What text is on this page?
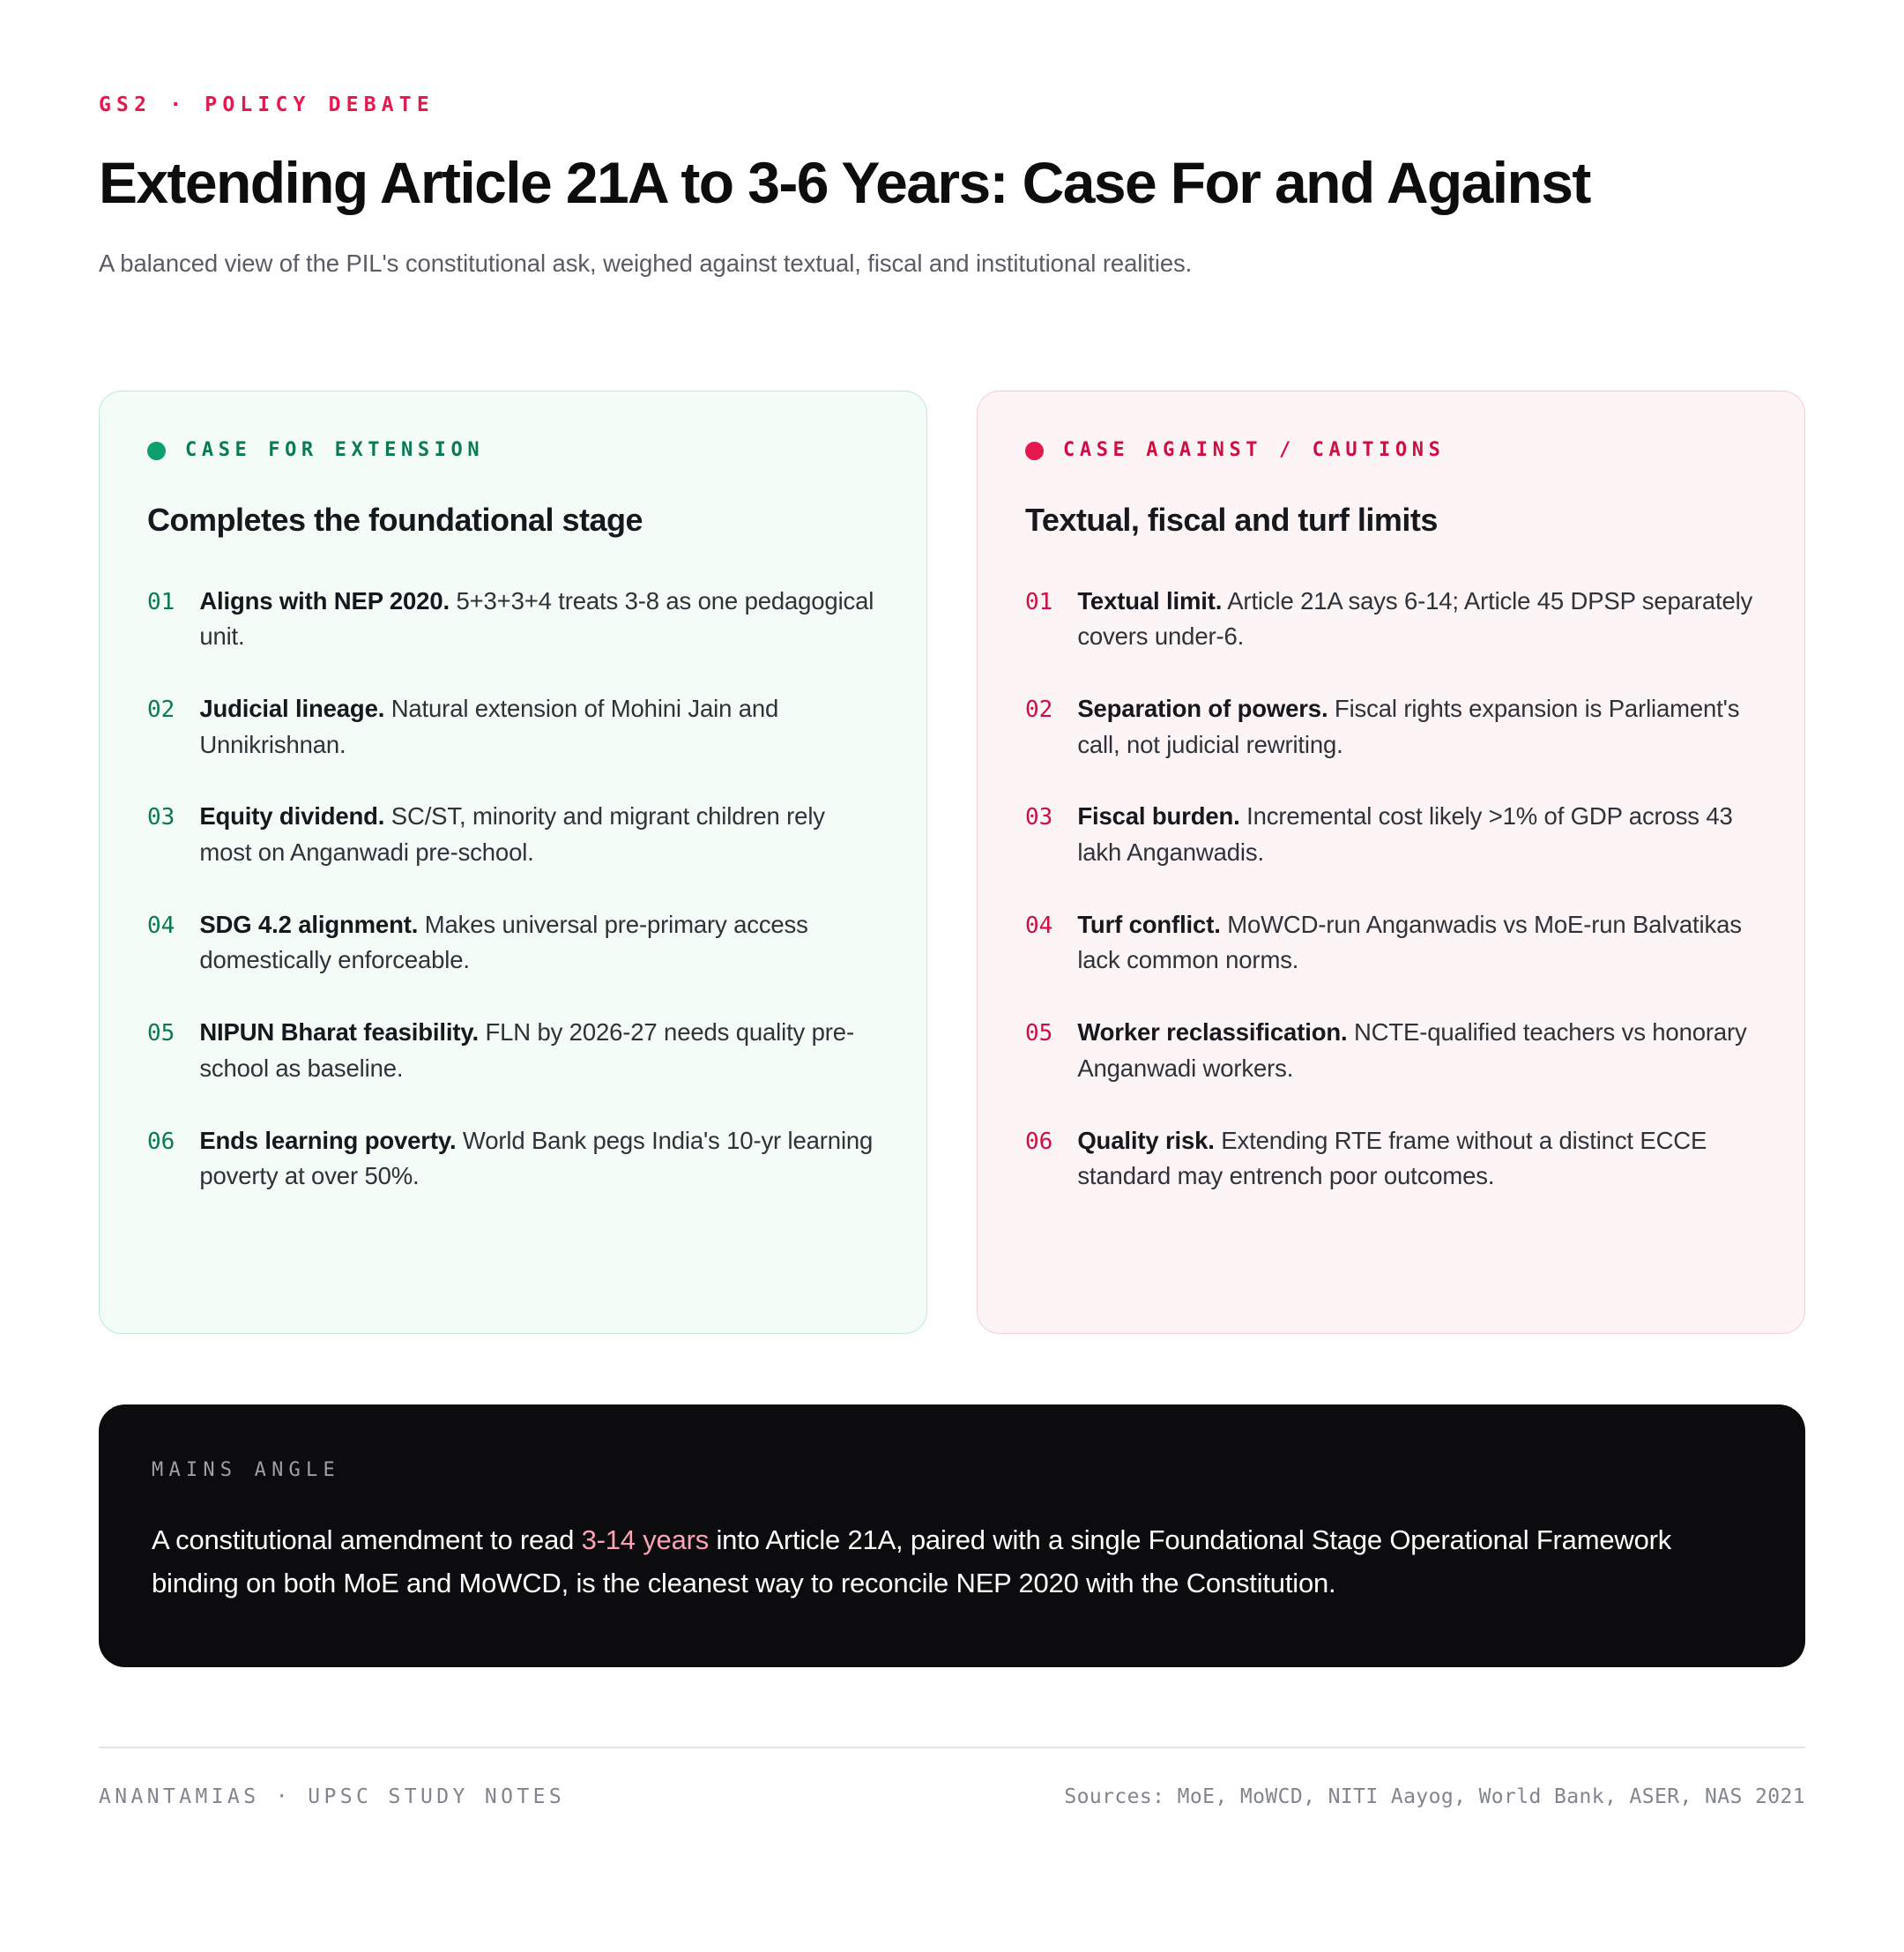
GS2 · POLICY DEBATE
Extending Article 21A to 3-6 Years: Case For and Against

A balanced view of the PIL's constitutional ask, weighed against textual, fiscal and institutional realities.

CASE FOR EXTENSION
Completes the foundational stage
01 Aligns with NEP 2020. 5+3+3+4 treats 3-8 as one pedagogical unit.

02 Judicial lineage. Natural extension of Mohini Jain and Unnikrishnan.

03 Equity dividend. SC/ST, minority and migrant children rely most on Anganwadi pre-school.

04 SDG 4.2 alignment. Makes universal pre-primary access domestically enforceable.

05 NIPUN Bharat feasibility. FLN by 2026-27 needs quality pre-school as baseline.

06 Ends learning poverty. World Bank pegs India's 10-yr learning poverty at over 50%.

CASE AGAINST / CAUTIONS
Textual, fiscal and turf limits
01 Textual limit. Article 21A says 6-14; Article 45 DPSP separately covers under-6.

02 Separation of powers. Fiscal rights expansion is Parliament's call, not judicial rewriting.

03 Fiscal burden. Incremental cost likely >1% of GDP across 43 lakh Anganwadis.

04 Turf conflict. MoWCD-run Anganwadis vs MoE-run Balvatikas lack common norms.

05 Worker reclassification. NCTE-qualified teachers vs honorary Anganwadi workers.

06 Quality risk. Extending RTE frame without a distinct ECCE standard may entrench poor outcomes.

MAINS ANGLE

A constitutional amendment to read 3-14 years into Article 21A, paired with a single Foundational Stage Operational Framework binding on both MoE and MoWCD, is the cleanest way to reconcile NEP 2020 with the Constitution.

ANANTAMIAS · UPSC STUDY NOTES	Sources: MoE, MoWCD, NITI Aayog, World Bank, ASER, NAS 2021
